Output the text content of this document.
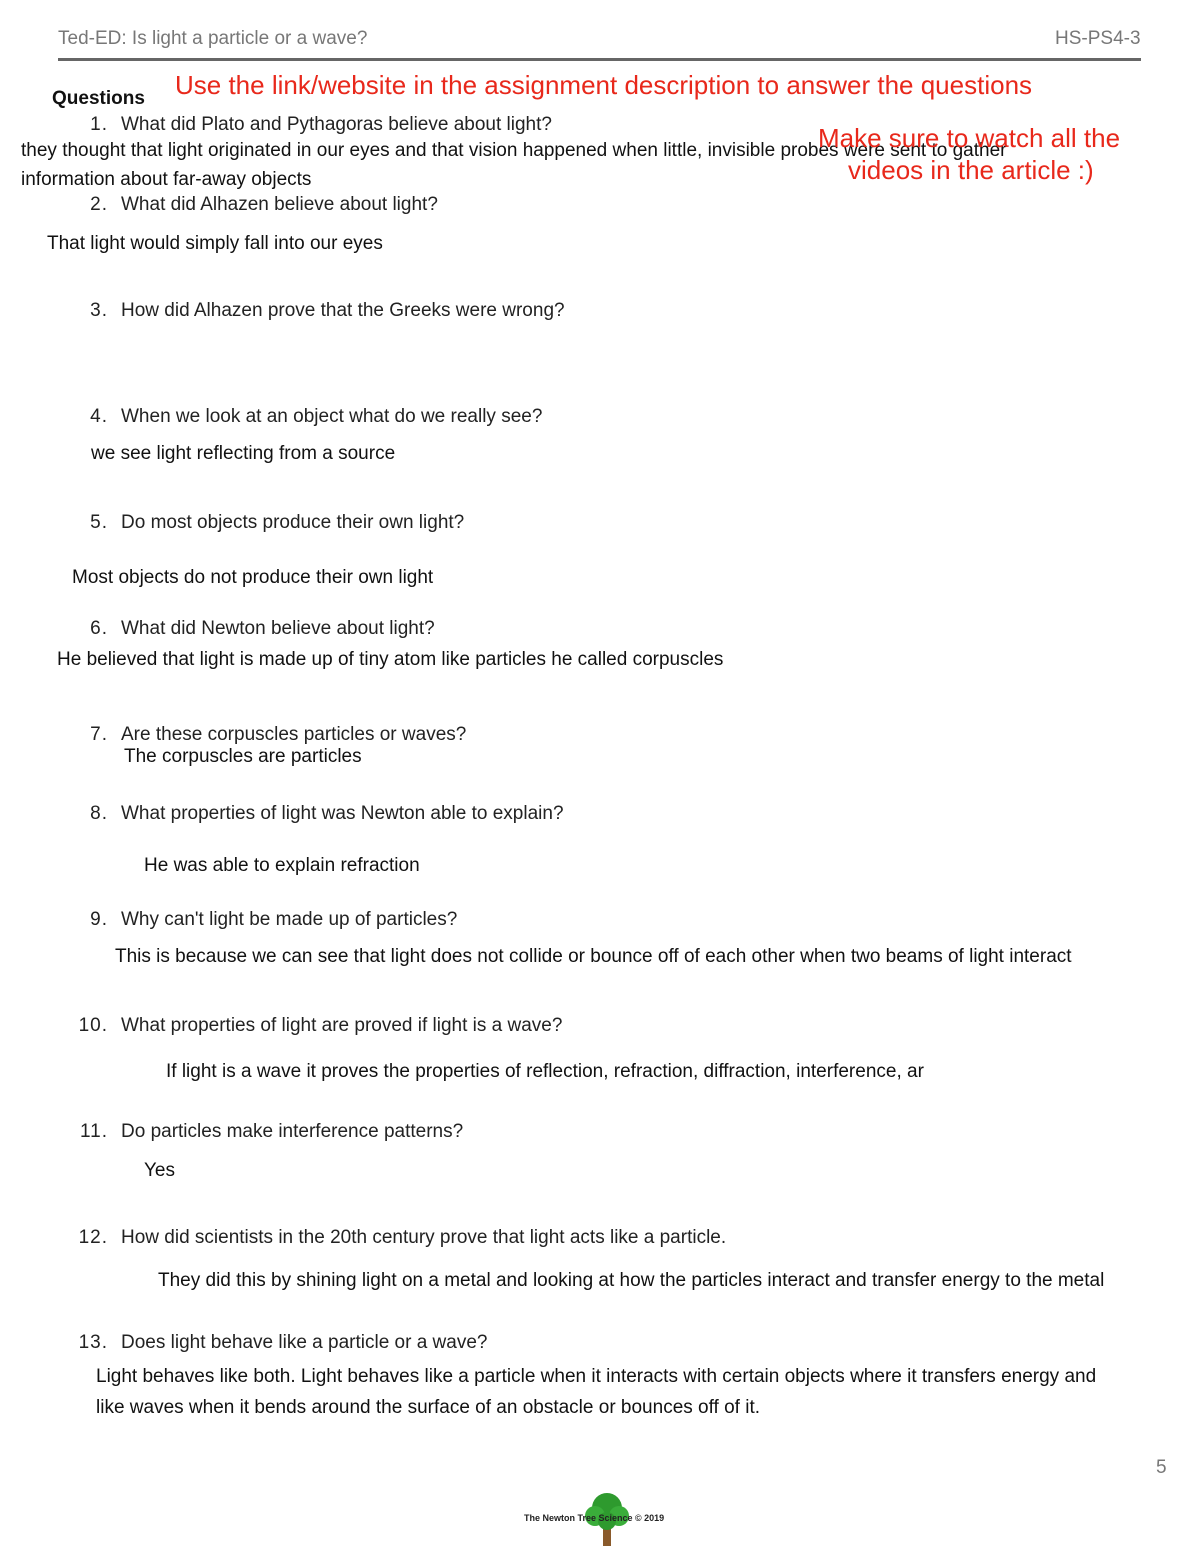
Ted-ED: Is light a particle or a wave?	HS-PS4-3
Questions Use the link/website in the assignment description to answer the questions
1. What did Plato and Pythagoras believe about light?
they thought that light originated in our eyes and that vision happened when little, invisible probes were sent to gather
Make sure to watch all the
videos in the article :)
information about far-away objects
2. What did Alhazen believe about light?
That light would simply fall into our eyes
3. How did Alhazen prove that the Greeks were wrong?
4. When we look at an object what do we really see?
we see light reflecting from a source
5. Do most objects produce their own light?
Most objects do not produce their own light
6. What did Newton believe about light?
He believed that light is made up of tiny atom like particles he called corpuscles
7. Are these corpuscles particles or waves?
The corpuscles are particles
8. What properties of light was Newton able to explain?
He was able to explain refraction
9. Why can't light be made up of particles?
This is because we can see that light does not collide or bounce off of each other when two beams of light interact
10. What properties of light are proved if light is a wave?
If light is a wave it proves the properties of reflection, refraction, diffraction, interference, ar
11. Do particles make interference patterns?
Yes
12. How did scientists in the 20th century prove that light acts like a particle.
They did this by shining light on a metal and looking at how the particles interact and transfer energy to the metal
13. Does light behave like a particle or a wave?
Light behaves like both. Light behaves like a particle when it interacts with certain objects where it transfers energy and
like waves when it bends around the surface of an obstacle or bounces off of it.
5
The Newton Tree Science © 2019
